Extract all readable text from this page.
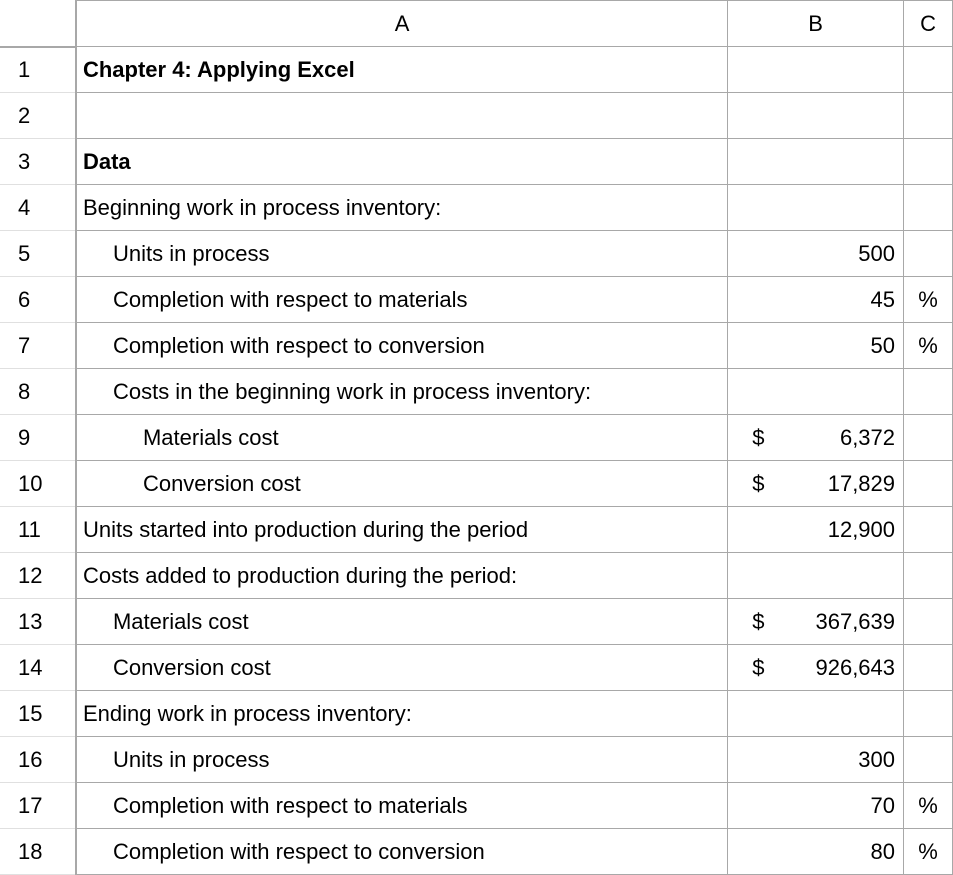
	A	B	C
1	Chapter 4: Applying Excel	

2		

3	Data	

4	Beginning work in process inventory:	

5	Units in process	500	

6	Completion with respect to materials	45	%
7	Completion with respect to conversion	50	%
8	Costs in the beginning work in process inventory:	

9	Materials cost	$ 6,372	

10	Conversion cost	$ 17,829	

11	Units started into production during the period	12,900	

12	Costs added to production during the period:	

13	Materials cost	$ 367,639	

14	Conversion cost	$ 926,643	

15	Ending work in process inventory:	

16	Units in process	300	

17	Completion with respect to materials	70	%
18	Completion with respect to conversion	80	%
